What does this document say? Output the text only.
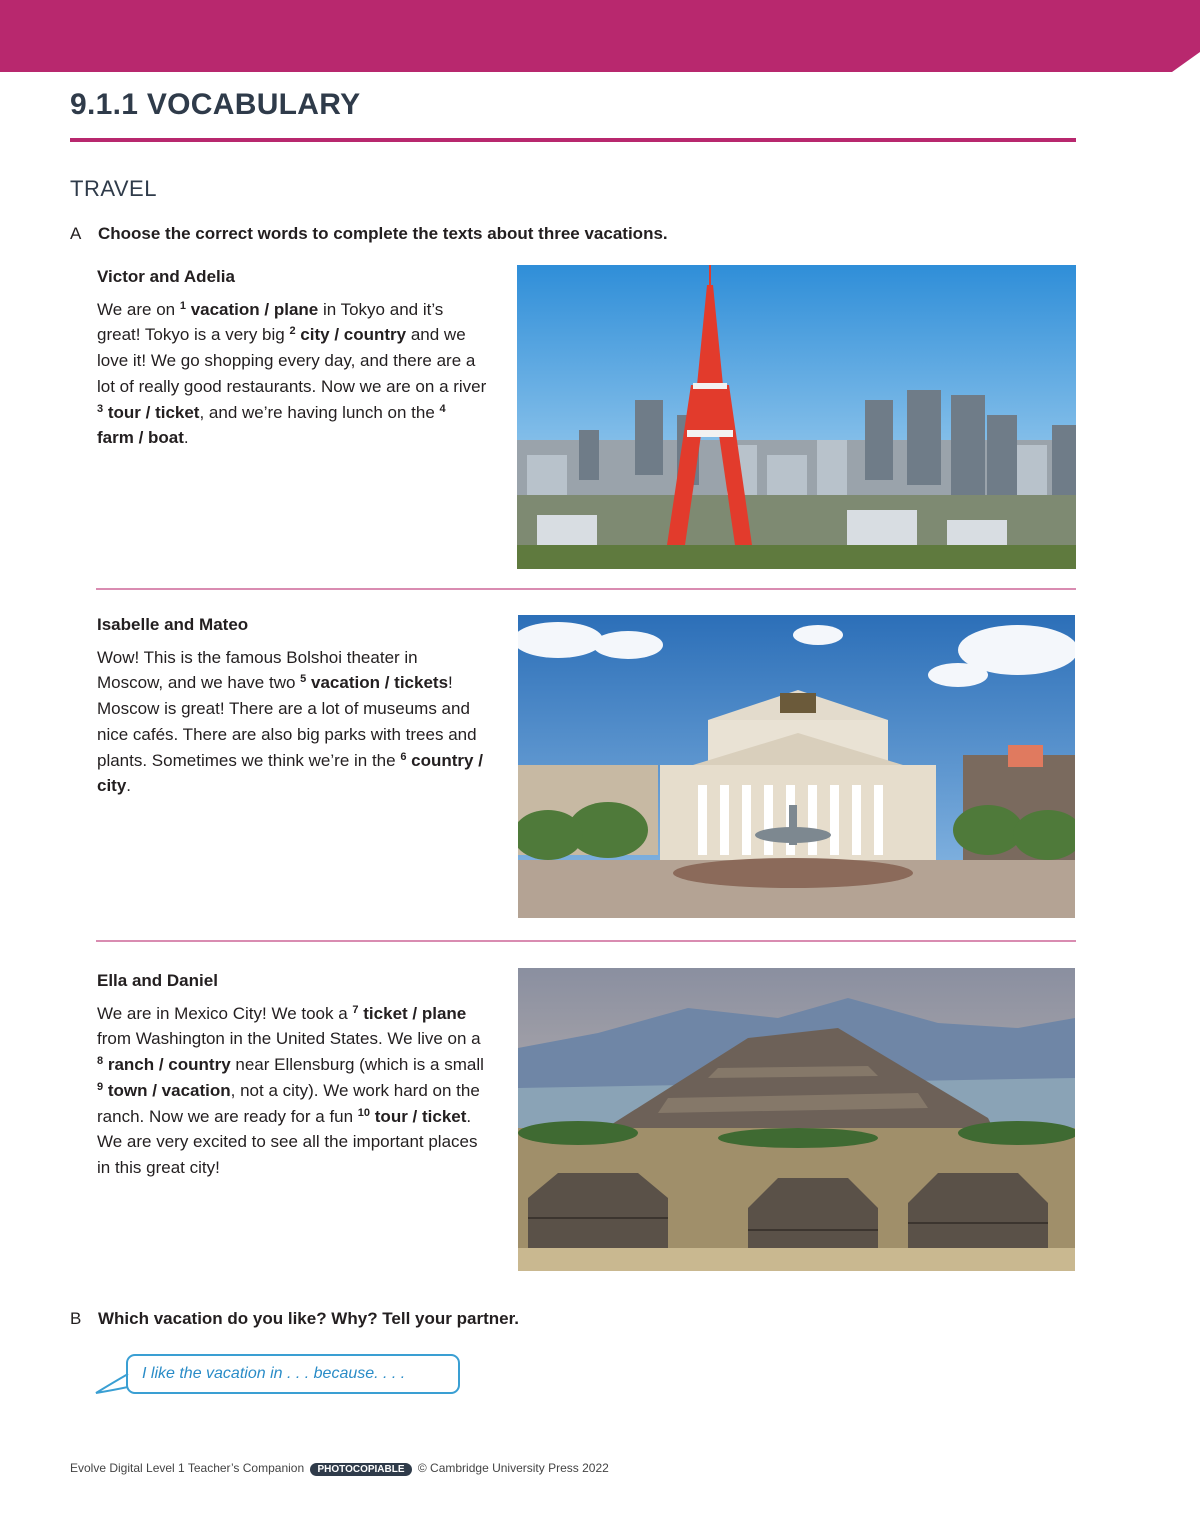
9.1.1 VOCABULARY
TRAVEL
A Choose the correct words to complete the texts about three vacations.
Victor and Adelia

We are on $^1$ vacation / plane in Tokyo and it’s great! Tokyo is a very big $^2$ city / country and we love it! We go shopping every day, and there are a lot of really good restaurants. Now we are on a river $^3$ tour / ticket, and we’re having lunch on the $^4$ farm / boat.

Isabelle and Mateo

Wow! This is the famous Bolshoi theater in Moscow, and we have two $^5$ vacation / tickets! Moscow is great! There are a lot of museums and nice cafés. There are also big parks with trees and plants. Sometimes we think we’re in the $^6$ country / city.

Ella and Daniel

We are in Mexico City! We took a $^7$ ticket / plane from Washington in the United States. We live on a $^8$ ranch / country near Ellensburg (which is a small $^9$ town / vacation, not a city). We work hard on the ranch. Now we are ready for a fun $^{10}$ tour / ticket. We are very excited to see all the important places in this great city!

B Which vacation do you like? Why? Tell your partner.
I like the vacation in . . . because. . . .
Evolve Digital Level 1 Teacher’s Companion PHOTOCOPIABLE © Cambridge University Press 2022
